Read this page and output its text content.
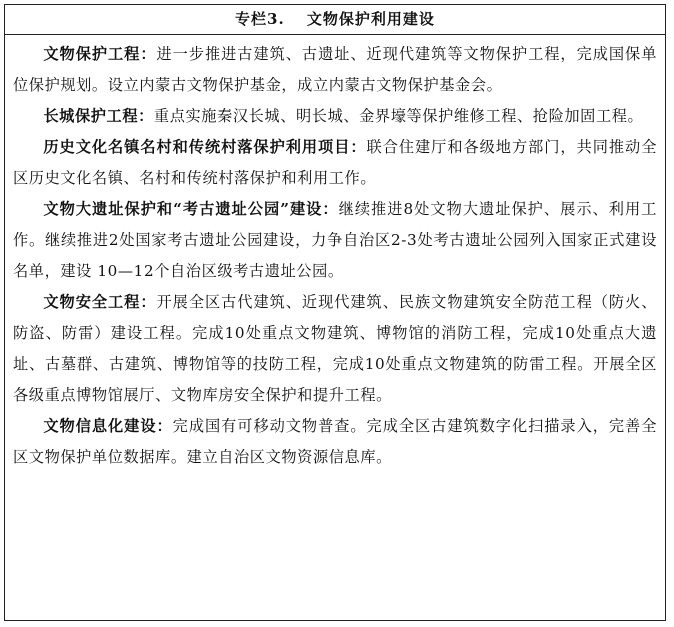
专栏3.　 文物保护利用建设

文物保护工程：进一步推进古建筑、古遗址、近现代建筑等文物保护工程，完成国保单位保护规划。设立内蒙古文物保护基金，成立内蒙古文物保护基金会。

长城保护工程：重点实施秦汉长城、明长城、金界壕等保护维修工程、抢险加固工程。

历史文化名镇名村和传统村落保护利用项目：联合住建厅和各级地方部门，共同推动全区历史文化名镇、名村和传统村落保护和利用工作。

文物大遗址保护和“考古遗址公园”建设：继续推进8处文物大遗址保护、展示、利用工作。继续推进2处国家考古遗址公园建设，力争自治区2-3处考古遗址公园列入国家正式建设名单，建设 10—12个自治区级考古遗址公园。

文物安全工程：开展全区古代建筑、近现代建筑、民族文物建筑安全防范工程（防火、防盗、防雷）建设工程。完成10处重点文物建筑、博物馆的消防工程，完成10处重点大遗址、古墓群、古建筑、博物馆等的技防工程，完成10处重点文物建筑的防雷工程。开展全区各级重点博物馆展厅、文物库房安全保护和提升工程。

文物信息化建设：完成国有可移动文物普查。完成全区古建筑数字化扫描录入，完善全区文物保护单位数据库。建立自治区文物资源信息库。
